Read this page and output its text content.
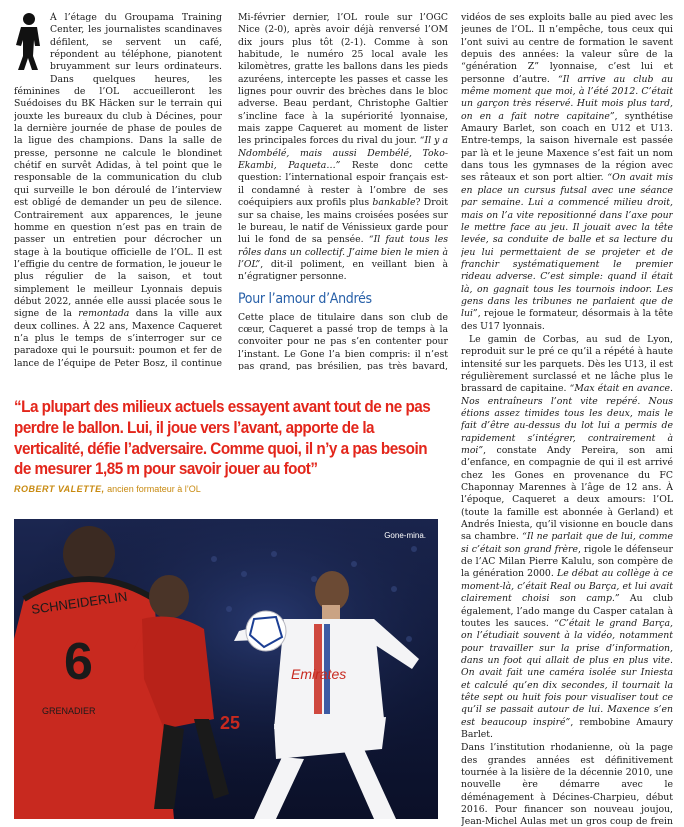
À l’étage du Groupama Training Center, les journalistes scandinaves défilent, se servent un café, répondent au téléphone, pianotent bruyamment sur leurs ordinateurs. Dans quelques heures, les féminines de l’OL accueilleront les Suédoises du BK Häcken sur le terrain qui jouxte les bureaux du club à Décines, pour la dernière journée de phase de poules de la ligue des champions. Dans la salle de presse, personne ne calcule le blondinet chétif en survêt Adidas, à tel point que le responsable de la communication du club qui surveille le bon déroulé de l’interview est obligé de demander un peu de silence. Contrairement aux apparences, le jeune homme en question n’est pas en train de passer un entretien pour décrocher un stage à la boutique officielle de l’OL. Il est l’effigie du centre de formation, le joueur le plus régulier de la saison, et tout simplement le meilleur Lyonnais depuis début 2022, année elle aussi placée sous le signe de la remontada dans la ville aux deux collines. À 22 ans, Maxence Caqueret n’a plus le temps de s’interroger sur ce paradoxe qui le poursuit: poumon et fer de lance de l’équipe de Peter Bosz, il continue

Mi-février dernier, l’OL roule sur l’OGC Nice (2-0), après avoir déjà renversé l’OM dix jours plus tôt (2-1). Comme à son habitude, le numéro 25 local avale les kilomètres, gratte les ballons dans les pieds azuréens, intercepte les passes et casse les lignes pour ouvrir des brèches dans le bloc adverse. Beau perdant, Christophe Galtier s’incline face à la supériorité lyonnaise, mais zappe Caqueret au moment de lister les principales forces du rival du jour. “Il y a Ndombélé, mais aussi Dembélé, Toko-Ekambi, Paqueta…” Reste donc cette question: l’international espoir français est-il condamné à rester à l’ombre de ses coéquipiers aux profils plus bankable? Droit sur sa chaise, les mains croisées posées sur le bureau, le natif de Vénissieux garde pour lui le fond de sa pensée. “Il faut tous les rôles dans un collectif. J’aime bien le mien à l’OL”, dit-il poliment, en veillant bien à n’égratigner personne.

Pour l’amour d’Andrés

Cette place de titulaire dans son club de cœur, Caqueret a passé trop de temps à la convoiter pour ne pas s’en contenter pour l’instant. Le Gone l’a bien compris: il n’est pas grand, pas brésilien, pas très bavard,

vidéos de ses exploits balle au pied avec les jeunes de l’OL. Il n’empêche, tous ceux qui l’ont suivi au centre de formation le savent depuis des années: la valeur sûre de la “génération Z” lyonnaise, c’est lui et personne d’autre. “Il arrive au club au même moment que moi, à l’été 2012. C’était un garçon très réservé. Huit mois plus tard, on en a fait notre capitaine”, synthétise Amaury Barlet, son coach en U12 et U13. Entre-temps, la saison hivernale est passée par là et le jeune Maxence s’est fait un nom dans tous les gymnases de la région avec ses râteaux et son port altier. “On avait mis en place un cursus futsal avec une séance par semaine. Lui a commencé milieu droit, mais on l’a vite repositionné dans l’axe pour le mettre face au jeu. Il jouait avec la tête levée, sa conduite de balle et sa lecture du jeu lui permettaient de se projeter et de franchir systématiquement le premier rideau adverse. C’est simple: quand il était là, on gagnait tous les tournois indoor. Les gens dans les tribunes ne parlaient que de lui”, rejoue le formateur, désormais à la tête des U17 lyonnais.

Le gamin de Corbas, au sud de Lyon, reproduit sur le pré ce qu’il a répété à haute intensité sur les parquets. Dès les U13, il est régulièrement surclassé et ne lâche plus le brassard de capitaine. “Max était en avance. Nos entraîneurs l’ont vite repéré. Nous étions assez timides tous les deux, mais le fait d’être au-dessus du lot lui a permis de rapidement s’intégrer, contrairement à moi”, constate Andy Pereira, son ami d’enfance, en compagnie de qui il est arrivé chez les Gones en provenance du FC Chaponnay Marennes à l’âge de 12 ans. À l’époque, Caqueret a deux amours: l’OL (toute la famille est abonnée à Gerland) et Andrés Iniesta, qu’il visionne en boucle dans sa chambre. “Il ne parlait que de lui, comme si c’était son grand frère, rigole le défenseur de l’AC Milan Pierre Kalulu, son compère de la génération 2000. Le débat au collège à ce moment-là, c’était Real ou Barça, et lui avait clairement choisi son camp.” Au club également, l’ado mange du Casper catalan à toutes les sauces. “C’était le grand Barça, on l’étudiait souvent à la vidéo, notamment pour travailler sur la prise d’information, dans un foot qui allait de plus en plus vite. On avait fait une caméra isolée sur Iniesta et calculé qu’en dix secondes, il tournait la tête sept ou huit fois pour visualiser tout ce qu’il se passait autour de lui. Maxence s’en est beaucoup inspiré”, rembobine Amaury Barlet.

Dans l’institution rhodanienne, où la page des grandes années est définitivement tournée à la lisière de la décennie 2010, une nouvelle ère démarre avec le déménagement à Décines-Charpieu, début 2016. Pour financer son nouveau joujou, Jean-Michel Aulas met un gros coup de frein

“La plupart des milieux actuels essayent avant tout de ne pas perdre le ballon. Lui, il joue vers l’avant, apporte de la verticalité, défie l’adversaire. Comme quoi, il n’y a pas besoin de mesurer 1,85 m pour savoir jouer au foot”
ROBERT VALETTE, ancien formateur à l’OL
SCHNEIDERLIN
6
GRENADIER
Emirates
25
Gone-mina.
